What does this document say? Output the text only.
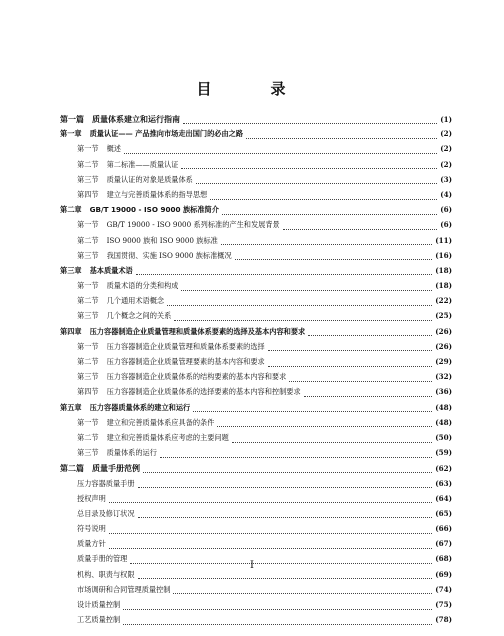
目　录
第一篇 质量体系建立和运行指南	(1)
第一章 质量认证—— 产品推向市场走出国门的必由之路	(2)
第一节 概述	(2)
第二节 第二标准——质量认证	(2)
第三节 质量认证的对象是质量体系	(3)
第四节 建立与完善质量体系的指导思想	(4)
第二章 GB/T 19000 - ISO 9000 族标准简介	(6)
第一节 GB/T 19000 - ISO 9000 系列标准的产生和发展背景	(6)
第二节 ISO 9000 族和 ISO 9000 族标准	(11)
第三节 我国贯彻、实施 ISO 9000 族标准概况	(16)
第三章 基本质量术语	(18)
第一节 质量术语的分类和构成	(18)
第二节 几个通用术语概念	(22)
第三节 几个概念之间的关系	(25)
第四章 压力容器制造企业质量管理和质量体系要素的选择及基本内容和要求	(26)
第一节 压力容器制造企业质量管理和质量体系要素的选择	(26)
第二节 压力容器制造企业质量管理要素的基本内容和要求	(29)
第三节 压力容器制造企业质量体系的结构要素的基本内容和要求	(32)
第四节 压力容器制造企业质量体系的选择要素的基本内容和控制要求	(36)
第五章 压力容器质量体系的建立和运行	(48)
第一节 建立和完善质量体系应具备的条件	(48)
第二节 建立和完善质量体系应考虑的主要问题	(50)
第三节 质量体系的运行	(59)
第二篇 质量手册范例	(62)
压力容器质量手册	(63)
授权声明	(64)
总目录及修订状况	(65)
符号说明	(66)
质量方针	(67)
质量手册的管理	(68)
机构、职责与权限	(69)
市场调研和合同管理质量控制	(74)
设计质量控制	(75)
工艺质量控制	(78)
I
